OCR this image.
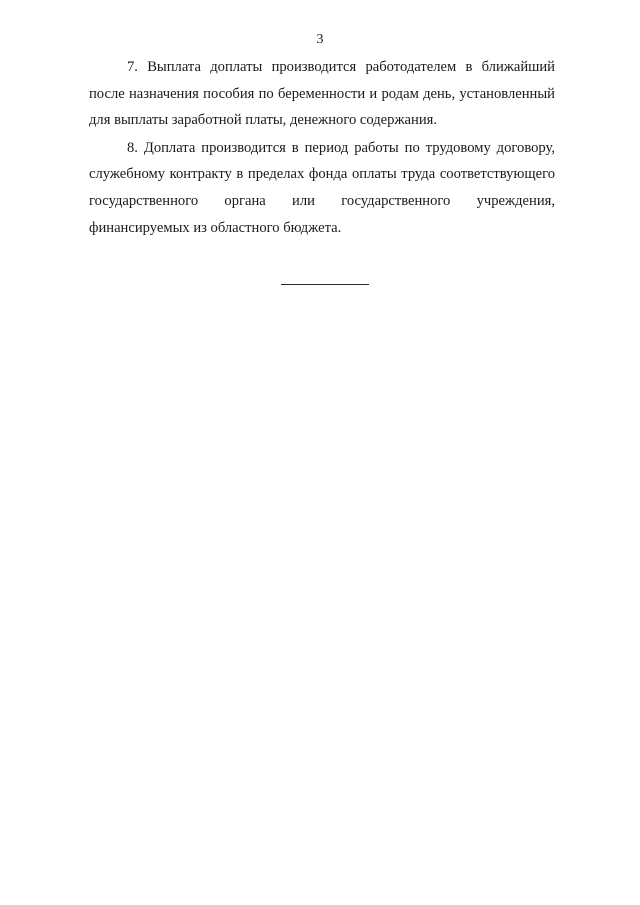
3

7. Выплата доплаты производится работодателем в ближайший после назначения пособия по беременности и родам день, установленный для выплаты заработной платы, денежного содержания.

8. Доплата производится в период работы по трудовому договору, служебному контракту в пределах фонда оплаты труда соответствующего государственного органа или государственного учреждения, финансируемых из областного бюджета.
